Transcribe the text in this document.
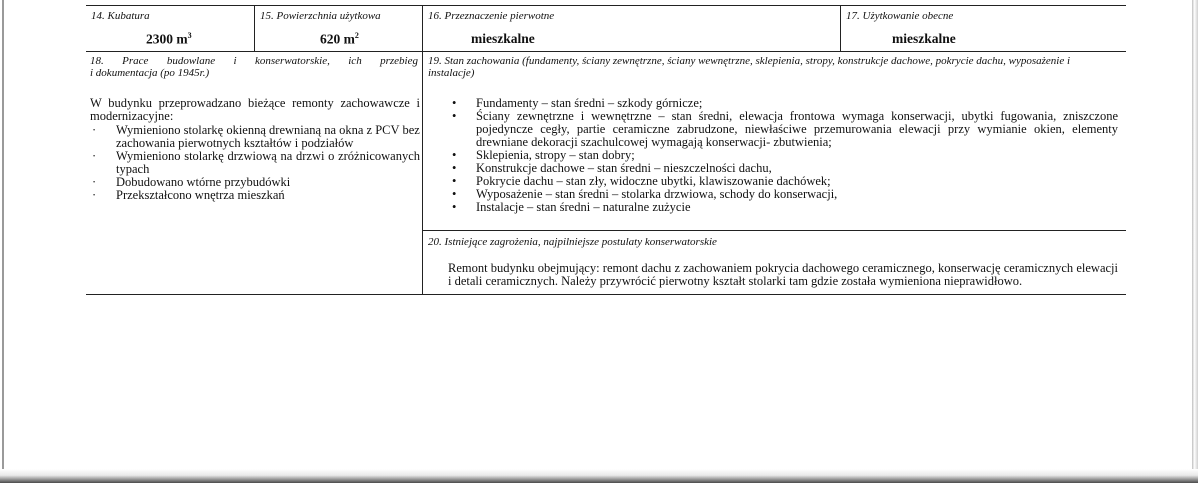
14. Kubatura
2300 $m^3$
15. Powierzchnia użytkowa
620 $m^2$
16. Przeznaczenie pierwotne
mieszkalne
17. Użytkowanie obecne
mieszkalne
18. Prace budowlane i konserwatorskie, ich przebieg
i dokumentacja (po 1945r.)
W budynku przeprowadzano bieżące remonty zachowawcze i modernizacyjne:
· Wymieniono stolarkę okienną drewnianą na okna z PCV bez zachowania pierwotnych kształtów i podziałów
· Wymieniono stolarkę drzwiową na drzwi o zróżnicowanych typach
· Dobudowano wtórne przybudówki
· Przekształcono wnętrza mieszkań
19. Stan zachowania (fundamenty, ściany zewnętrzne, ściany wewnętrzne, sklepienia, stropy, konstrukcje dachowe, pokrycie dachu, wyposażenie i instalacje)
• Fundamenty – stan średni – szkody górnicze;
• Ściany zewnętrzne i wewnętrzne – stan średni, elewacja frontowa wymaga konserwacji, ubytki fugowania, zniszczone pojedyncze cegły, partie ceramiczne zabrudzone, niewłaściwe przemurowania elewacji przy wymianie okien, elementy drewniane dekoracji szachulcowej wymagają konserwacji- zbutwienia;
• Sklepienia, stropy – stan dobry;
• Konstrukcje dachowe – stan średni – nieszczelności dachu,
• Pokrycie dachu – stan zły, widoczne ubytki, klawiszowanie dachówek;
• Wyposażenie – stan średni – stolarka drzwiowa, schody do konserwacji,
• Instalacje – stan średni – naturalne zużycie
20. Istniejące zagrożenia, najpilniejsze postulaty konserwatorskie
Remont budynku obejmujący: remont dachu z zachowaniem pokrycia dachowego ceramicznego, konserwację ceramicznych elewacji i detali ceramicznych. Należy przywrócić pierwotny kształt stolarki tam gdzie została wymieniona nieprawidłowo.
